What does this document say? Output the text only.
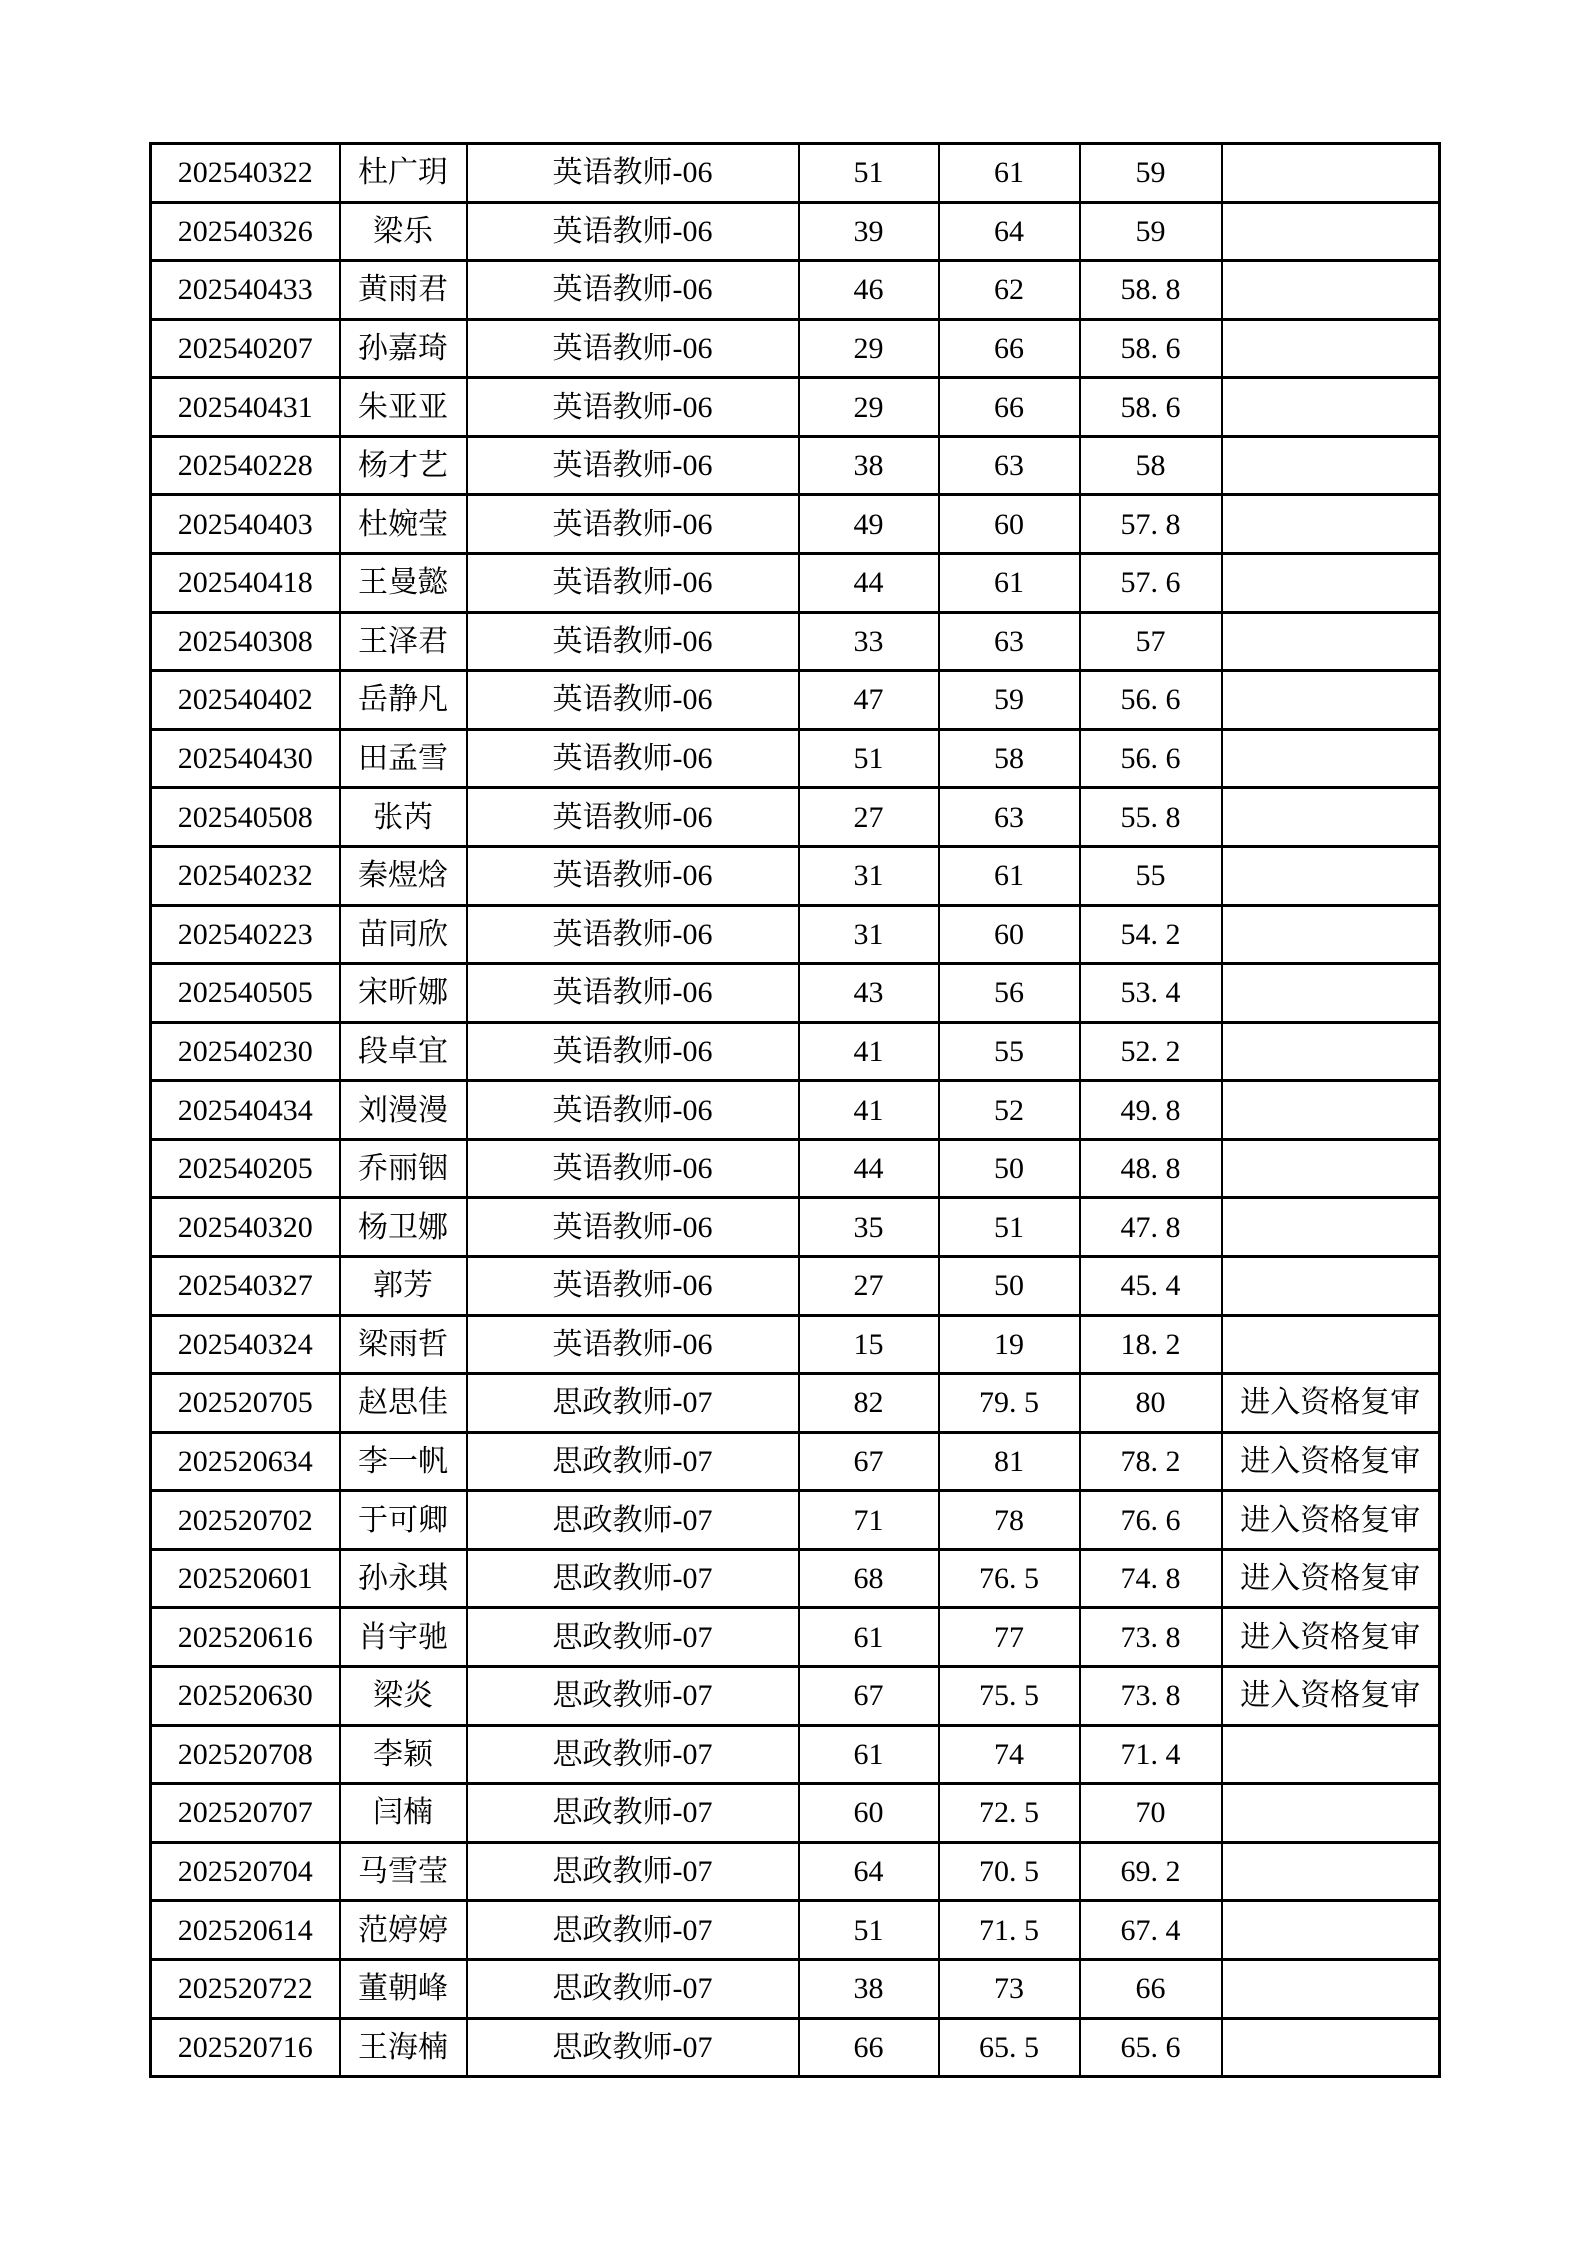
202540322	杜广玥	英语教师-06	51	61	59	
202540326	梁乐	英语教师-06	39	64	59	
202540433	黄雨君	英语教师-06	46	62	58. 8	
202540207	孙嘉琦	英语教师-06	29	66	58. 6	
202540431	朱亚亚	英语教师-06	29	66	58. 6	
202540228	杨才艺	英语教师-06	38	63	58	
202540403	杜婉莹	英语教师-06	49	60	57. 8	
202540418	王曼懿	英语教师-06	44	61	57. 6	
202540308	王泽君	英语教师-06	33	63	57	
202540402	岳静凡	英语教师-06	47	59	56. 6	
202540430	田孟雪	英语教师-06	51	58	56. 6	
202540508	张芮	英语教师-06	27	63	55. 8	
202540232	秦煜焓	英语教师-06	31	61	55	
202540223	苗同欣	英语教师-06	31	60	54. 2	
202540505	宋昕娜	英语教师-06	43	56	53. 4	
202540230	段卓宜	英语教师-06	41	55	52. 2	
202540434	刘漫漫	英语教师-06	41	52	49. 8	
202540205	乔丽铟	英语教师-06	44	50	48. 8	
202540320	杨卫娜	英语教师-06	35	51	47. 8	
202540327	郭芳	英语教师-06	27	50	45. 4	
202540324	梁雨哲	英语教师-06	15	19	18. 2	
202520705	赵思佳	思政教师-07	82	79. 5	80	进入资格复审
202520634	李一帆	思政教师-07	67	81	78. 2	进入资格复审
202520702	于可卿	思政教师-07	71	78	76. 6	进入资格复审
202520601	孙永琪	思政教师-07	68	76. 5	74. 8	进入资格复审
202520616	肖宇驰	思政教师-07	61	77	73. 8	进入资格复审
202520630	梁炎	思政教师-07	67	75. 5	73. 8	进入资格复审
202520708	李颖	思政教师-07	61	74	71. 4	
202520707	闫楠	思政教师-07	60	72. 5	70	
202520704	马雪莹	思政教师-07	64	70. 5	69. 2	
202520614	范婷婷	思政教师-07	51	71. 5	67. 4	
202520722	董朝峰	思政教师-07	38	73	66	
202520716	王海楠	思政教师-07	66	65. 5	65. 6	
